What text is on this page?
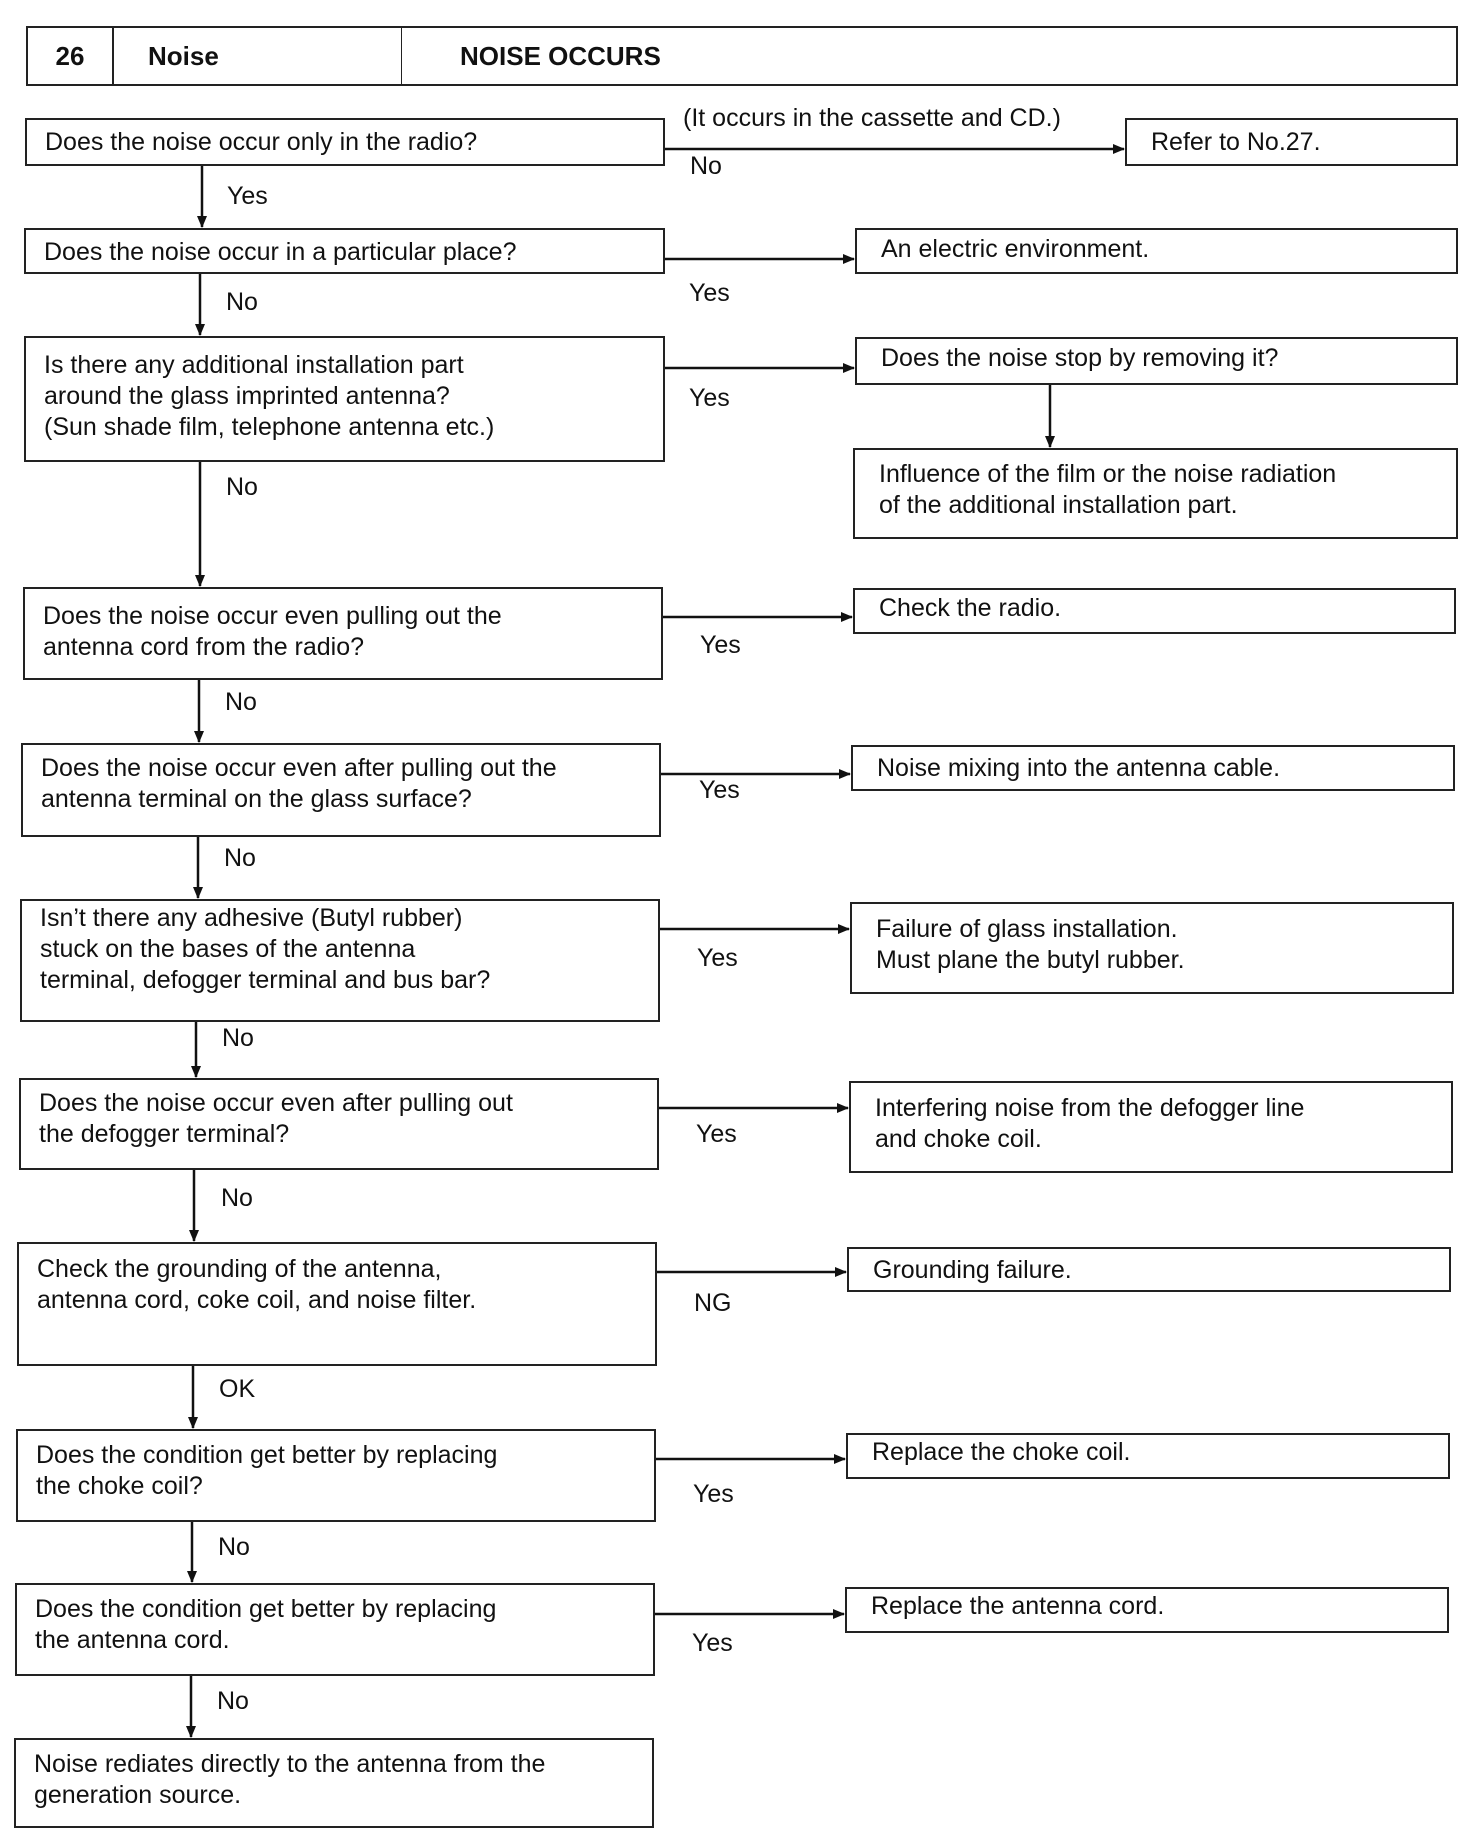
26	Noise	NOISE OCCURS
Does the noise occur only in the radio?
Does the noise occur in a particular place?
Is there any additional installation part
around the glass imprinted antenna?
(Sun shade film, telephone antenna etc.)
Does the noise occur even pulling out the
antenna cord from the radio?
Does the noise occur even after pulling out the
antenna terminal on the glass surface?
Isn’t there any adhesive (Butyl rubber)
stuck on the bases of the antenna
terminal, defogger terminal and bus bar?
Does the noise occur even after pulling out
the defogger terminal?
Check the grounding of the antenna,
antenna cord, coke coil, and noise filter.
Does the condition get better by replacing
the choke coil?
Does the condition get better by replacing
the antenna cord.
Noise rediates directly to the antenna from the
generation source.
Refer to No.27.
An electric environment.
Does the noise stop by removing it?
Influence of the film or the noise radiation
of the additional installation part.
Check the radio.
Noise mixing into the antenna cable.
Failure of glass installation.
Must plane the butyl rubber.
Interfering noise from the defogger line
and choke coil.
Grounding failure.
Replace the choke coil.
Replace the antenna cord.
(It occurs in the cassette and CD.)
No
Yes
Yes
No
Yes
No
Yes
No
Yes
No
Yes
No
Yes
No
NG
OK
Yes
No
Yes
No
